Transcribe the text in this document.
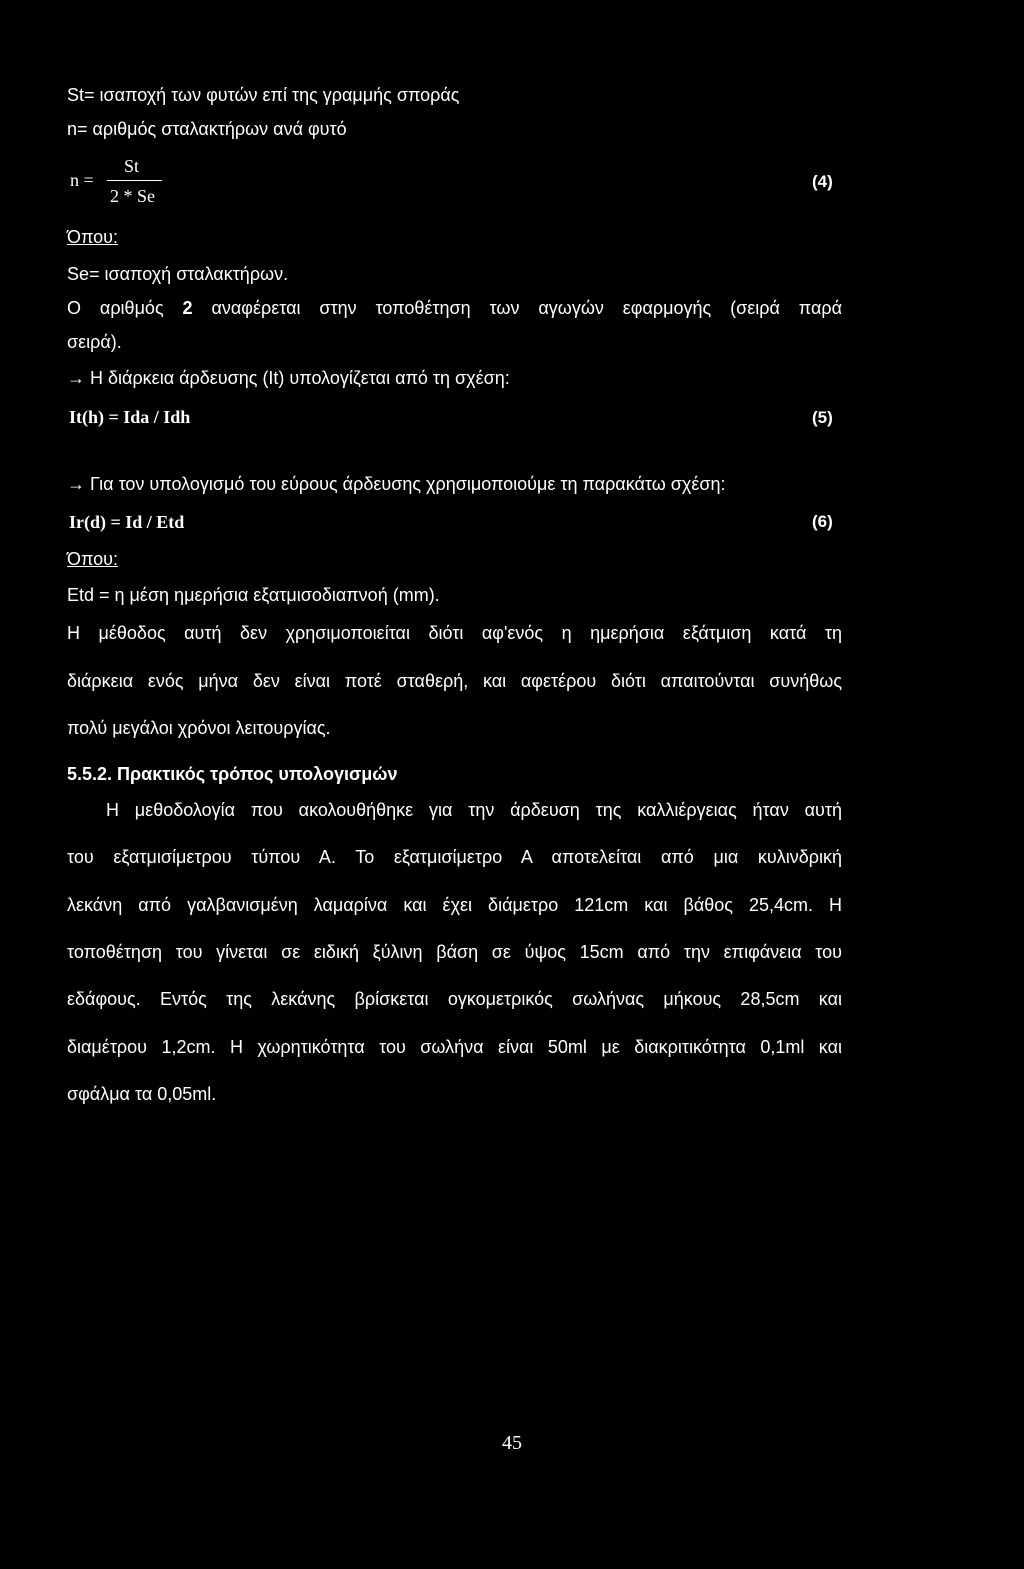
St= ισαποχή των φυτών επί της γραμμής σποράς
n= αριθμός σταλακτήρων ανά φυτό
n =
St
2 * Se
(4)
Όπου:
Se= ισαποχή σταλακτήρων.
Ο αριθμός 2 αναφέρεται στην τοποθέτηση των αγωγών εφαρμογής (σειρά παρά
σειρά).
→ Η διάρκεια άρδευσης (It) υπολογίζεται από τη σχέση:
It(h) = Ida / Idh	(5)
→ Για τον υπολογισμό του εύρους άρδευσης χρησιμοποιούμε τη παρακάτω σχέση:
Ir(d) = Id / Etd	(6)
Όπου:
Etd = η μέση ημερήσια εξατμισοδιαπνοή (mm).
Η μέθοδος αυτή δεν χρησιμοποιείται διότι αφ'ενός η ημερήσια εξάτμιση κατά τη
διάρκεια ενός μήνα δεν είναι ποτέ σταθερή, και αφετέρου διότι απαιτούνται συνήθως
πολύ μεγάλοι χρόνοι λειτουργίας.
5.5.2. Πρακτικός τρόπος υπολογισμών
Η μεθοδολογία που ακολουθήθηκε για την άρδευση της καλλιέργειας ήταν αυτή
του εξατμισίμετρου τύπου Α. Το εξατμισίμετρο Α αποτελείται από μια κυλινδρική
λεκάνη από γαλβανισμένη λαμαρίνα και έχει διάμετρο 121cm και βάθος 25,4cm. Η
τοποθέτηση του γίνεται σε ειδική ξύλινη βάση σε ύψος 15cm από την επιφάνεια του
εδάφους. Εντός της λεκάνης βρίσκεται ογκομετρικός σωλήνας μήκους 28,5cm και
διαμέτρου 1,2cm. Η χωρητικότητα του σωλήνα είναι 50ml με διακριτικότητα 0,1ml και
σφάλμα τα 0,05ml.
45
